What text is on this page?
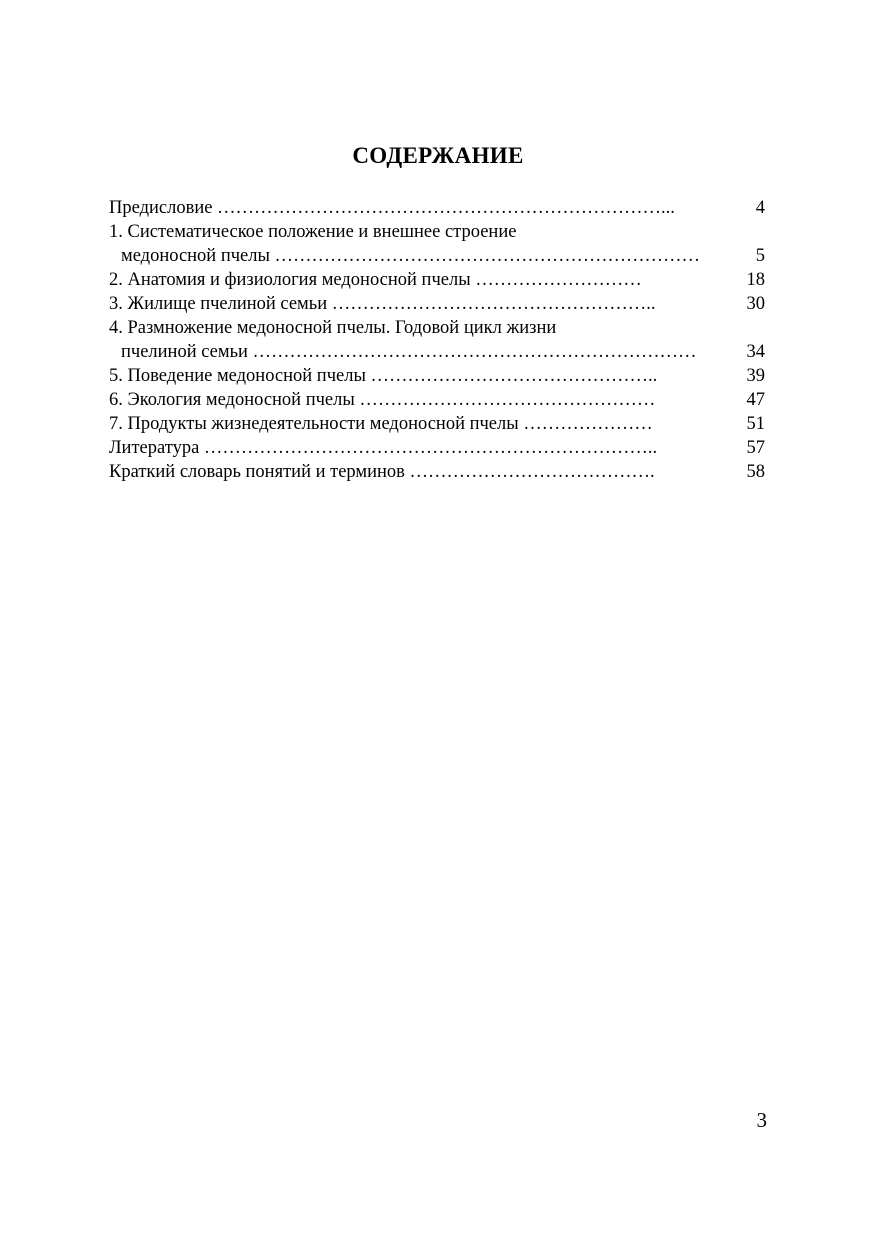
СОДЕРЖАНИЕ
Предисловие ………………………………………………………………...	4
1. Систематическое положение и внешнее строение
медоносной пчелы ……………………………………………………………	5
2. Анатомия и физиология медоносной пчелы ………………………	18
3. Жилище пчелиной семьи ……………………………………………..	30
4. Размножение медоносной пчелы. Годовой цикл жизни
пчелиной семьи ………………………………………………………………	34
5. Поведение медоносной пчелы ………………………………………..	39
6. Экология медоносной пчелы …………………………………………	47
7. Продукты жизнедеятельности медоносной пчелы …………………	51
Литература ………………………………………………………………..	57
Краткий словарь понятий и терминов ………………………………….	58
3
